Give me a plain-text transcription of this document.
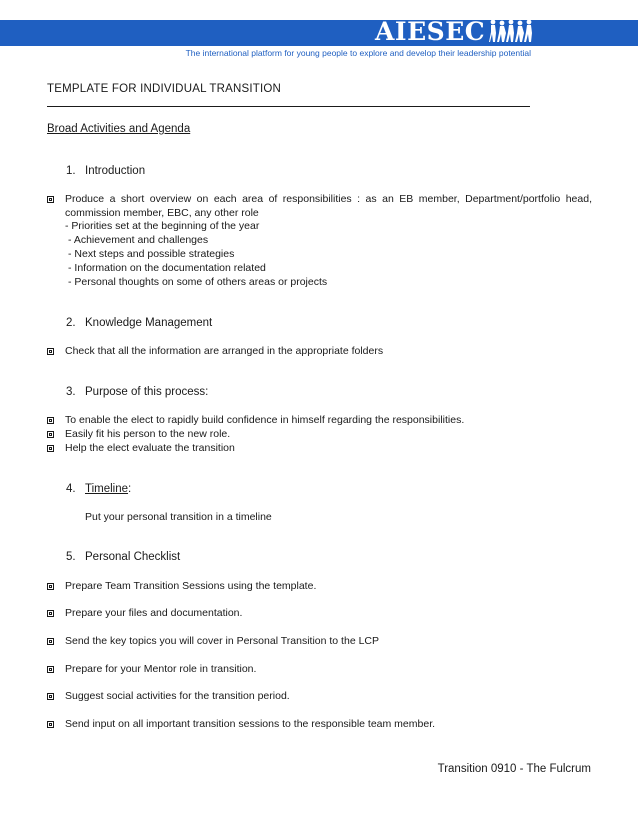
AIESEC
The international platform for young people to explore and develop their leadership potential
TEMPLATE FOR INDIVIDUAL TRANSITION
Broad Activities and Agenda
1. Introduction
Produce a short overview on each area of responsibilities : as an EB member, Department/portfolio head, commission member, EBC, any other role
- Priorities set at the beginning of the year
- Achievement and challenges
- Next steps and possible strategies
- Information on the documentation related
- Personal thoughts on some of others areas or projects
2. Knowledge Management
Check that all the information are arranged in the appropriate folders
3. Purpose of this process:
To enable the elect to rapidly build confidence in himself regarding the responsibilities.
Easily fit his person to the new role.
Help the elect evaluate the transition
4. Timeline:
Put your personal transition in a timeline
5. Personal Checklist
Prepare Team Transition Sessions using the template.
Prepare your files and documentation.
Send the key topics you will cover in Personal Transition to the LCP
Prepare for your Mentor role in transition.
Suggest social activities for the transition period.
Send input on all important transition sessions to the responsible team member.
Transition 0910 - The Fulcrum
